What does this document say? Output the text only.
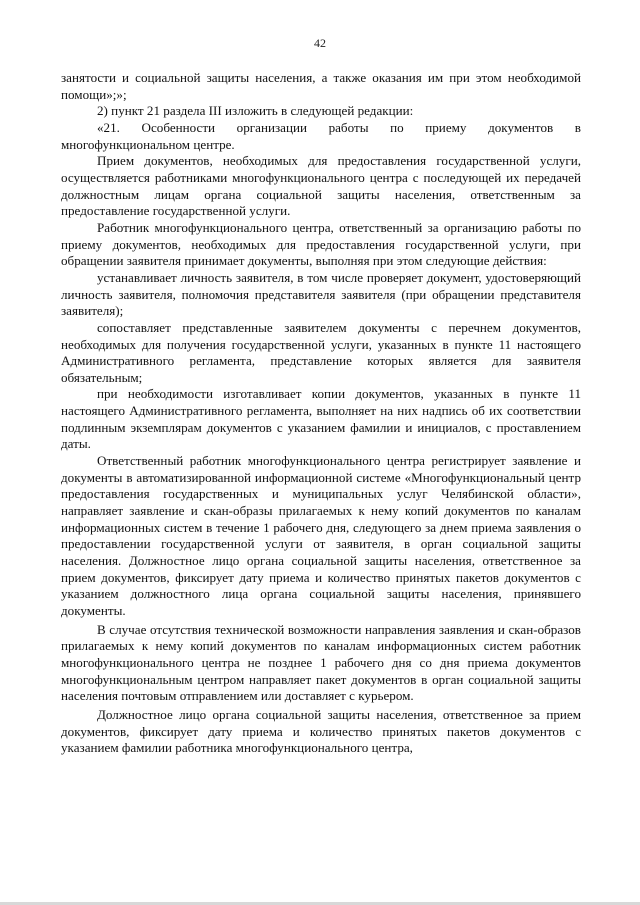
42

занятости и социальной защиты населения, а также оказания им при этом необходимой помощи»;»;

2) пункт 21 раздела III изложить в следующей редакции:

«21. Особенности организации работы по приему документов в многофункциональном центре.

Прием документов, необходимых для предоставления государственной услуги, осуществляется работниками многофункционального центра с последующей их передачей должностным лицам органа социальной защиты населения, ответственным за предоставление государственной услуги.

Работник многофункционального центра, ответственный за организацию работы по приему документов, необходимых для предоставления государственной услуги, при обращении заявителя принимает документы, выполняя при этом следующие действия:

устанавливает личность заявителя, в том числе проверяет документ, удостоверяющий личность заявителя, полномочия представителя заявителя (при обращении представителя заявителя);

сопоставляет представленные заявителем документы с перечнем документов, необходимых для получения государственной услуги, указанных в пункте 11 настоящего Административного регламента, представление которых является для заявителя обязательным;

при необходимости изготавливает копии документов, указанных в пункте 11 настоящего Административного регламента, выполняет на них надпись об их соответствии подлинным экземплярам документов с указанием фамилии и инициалов, с проставлением даты.

Ответственный работник многофункционального центра регистрирует заявление и документы в автоматизированной информационной системе «Многофункциональный центр предоставления государственных и муниципальных услуг Челябинской области», направляет заявление и скан-образы прилагаемых к нему копий документов по каналам информационных систем в течение 1 рабочего дня, следующего за днем приема заявления о предоставлении государственной услуги от заявителя, в орган социальной защиты населения. Должностное лицо органа социальной защиты населения, ответственное за прием документов, фиксирует дату приема и количество принятых пакетов документов с указанием должностного лица органа социальной защиты населения, принявшего документы.

В случае отсутствия технической возможности направления заявления и скан-образов прилагаемых к нему копий документов по каналам информационных систем работник многофункционального центра не позднее 1 рабочего дня со дня приема документов многофункциональным центром направляет пакет документов в орган социальной защиты населения почтовым отправлением или доставляет с курьером.

Должностное лицо органа социальной защиты населения, ответственное за прием документов, фиксирует дату приема и количество принятых пакетов документов с указанием фамилии работника многофункционального центра,
